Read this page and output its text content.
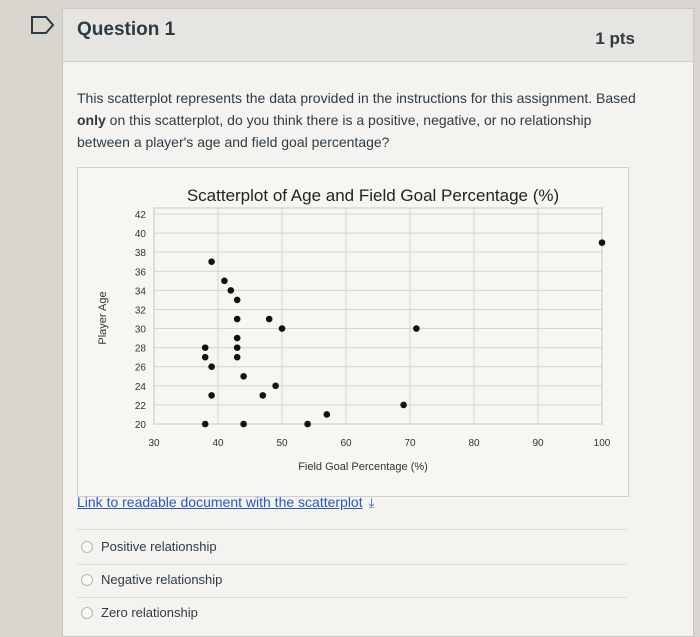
Question 1	1 pts
This scatterplot represents the data provided in the instructions for this assignment. Based only on this scatterplot, do you think there is a positive, negative, or no relationship between a player's age and field goal percentage?
Scatterplot of Age and Field Goal Percentage (%)
Player Age
Field Goal Percentage (%)
20
22
24
26
28
30
32
34
36
38
40
42
30	40	50	60	70	80	90	100
Link to readable document with the scatterplot ⤓
Positive relationship
Negative relationship
Zero relationship
